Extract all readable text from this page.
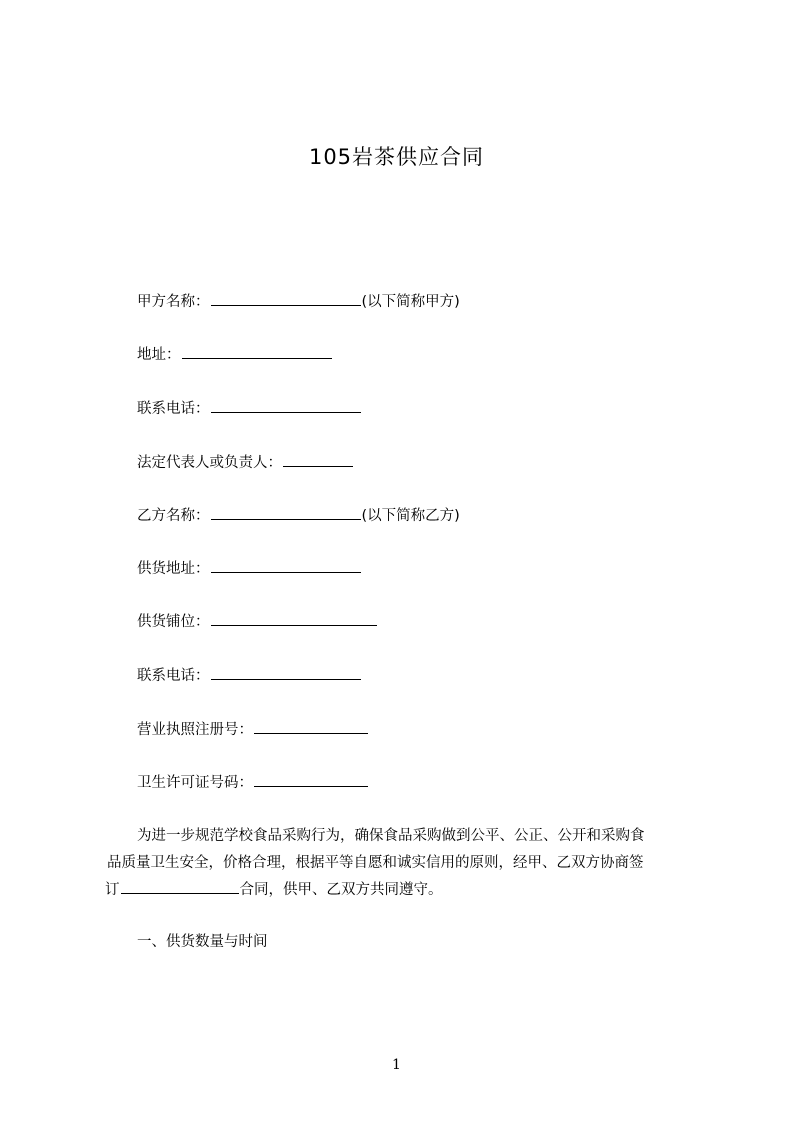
105岩茶供应合同
甲方名称：	(以下简称甲方)
地址：
联系电话：
法定代表人或负责人：
乙方名称：	(以下简称乙方)
供货地址：
供货铺位：
联系电话：
营业执照注册号：
卫生许可证号码：
为进一步规范学校食品采购行为，确保食品采购做到公平、公正、公开和采购食
品质量卫生安全，价格合理，根据平等自愿和诚实信用的原则，经甲、乙双方协商签
订	合同，供甲、乙双方共同遵守。
一、供货数量与时间
1
